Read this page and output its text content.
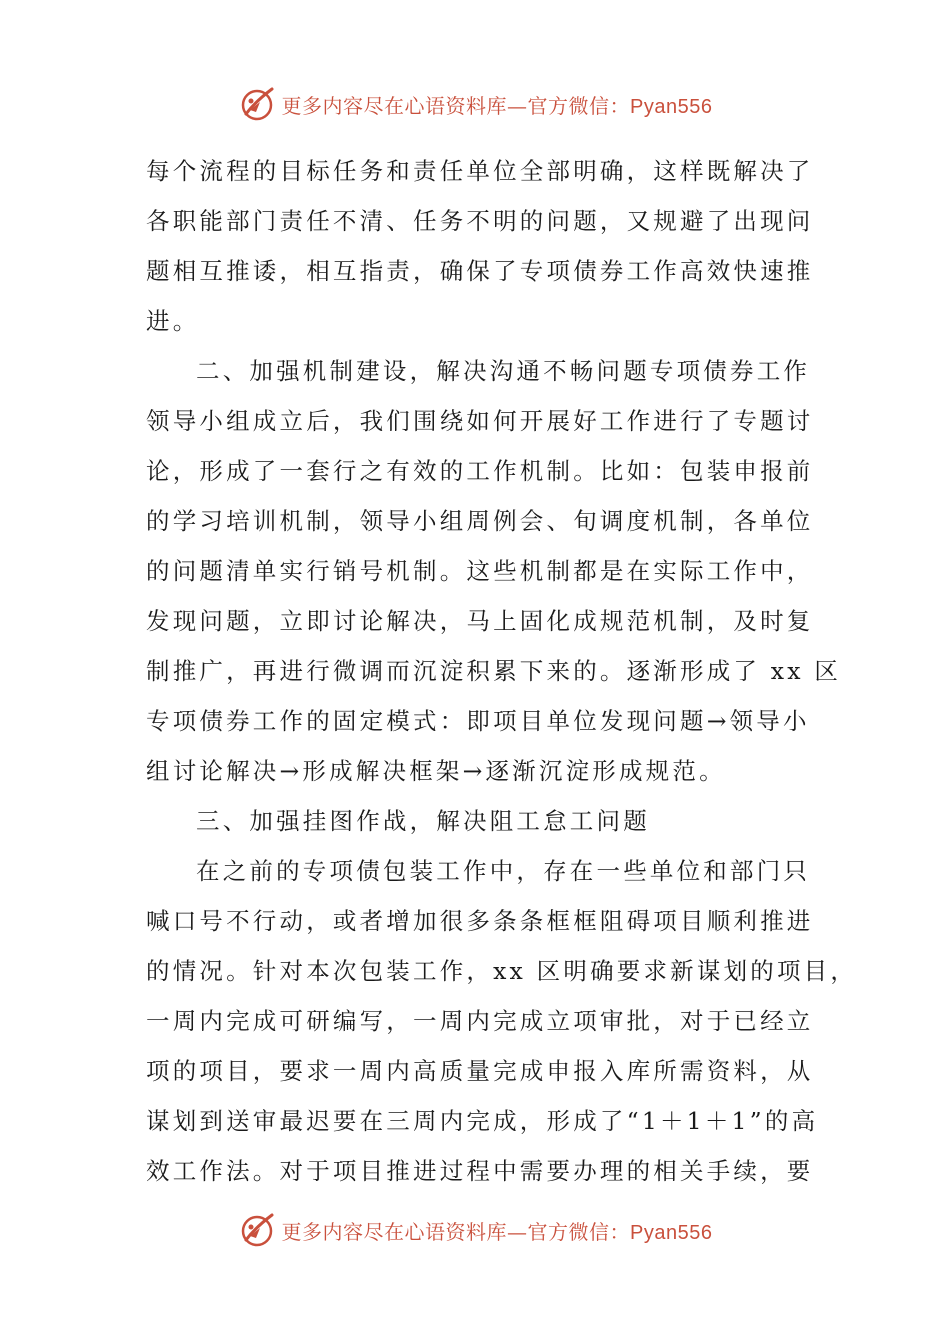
更多内容尽在心语资料库—官方微信：Pyan556
每个流程的目标任务和责任单位全部明确，这样既解决了
各职能部门责任不清、任务不明的问题，又规避了出现问
题相互推诿，相互指责，确保了专项债券工作高效快速推
进。
二、加强机制建设，解决沟通不畅问题专项债券工作
领导小组成立后，我们围绕如何开展好工作进行了专题讨
论，形成了一套行之有效的工作机制。比如：包装申报前
的学习培训机制，领导小组周例会、旬调度机制，各单位
的问题清单实行销号机制。这些机制都是在实际工作中，
发现问题，立即讨论解决，马上固化成规范机制，及时复
制推广，再进行微调而沉淀积累下来的。逐渐形成了 xx 区
专项债券工作的固定模式：即项目单位发现问题→领导小
组讨论解决→形成解决框架→逐渐沉淀形成规范。
三、加强挂图作战，解决阻工怠工问题
在之前的专项债包装工作中，存在一些单位和部门只
喊口号不行动，或者增加很多条条框框阻碍项目顺利推进
的情况。针对本次包装工作，xx 区明确要求新谋划的项目，
一周内完成可研编写，一周内完成立项审批，对于已经立
项的项目，要求一周内高质量完成申报入库所需资料，从
谋划到送审最迟要在三周内完成，形成了“1＋1＋1”的高
效工作法。对于项目推进过程中需要办理的相关手续，要
更多内容尽在心语资料库—官方微信：Pyan556
